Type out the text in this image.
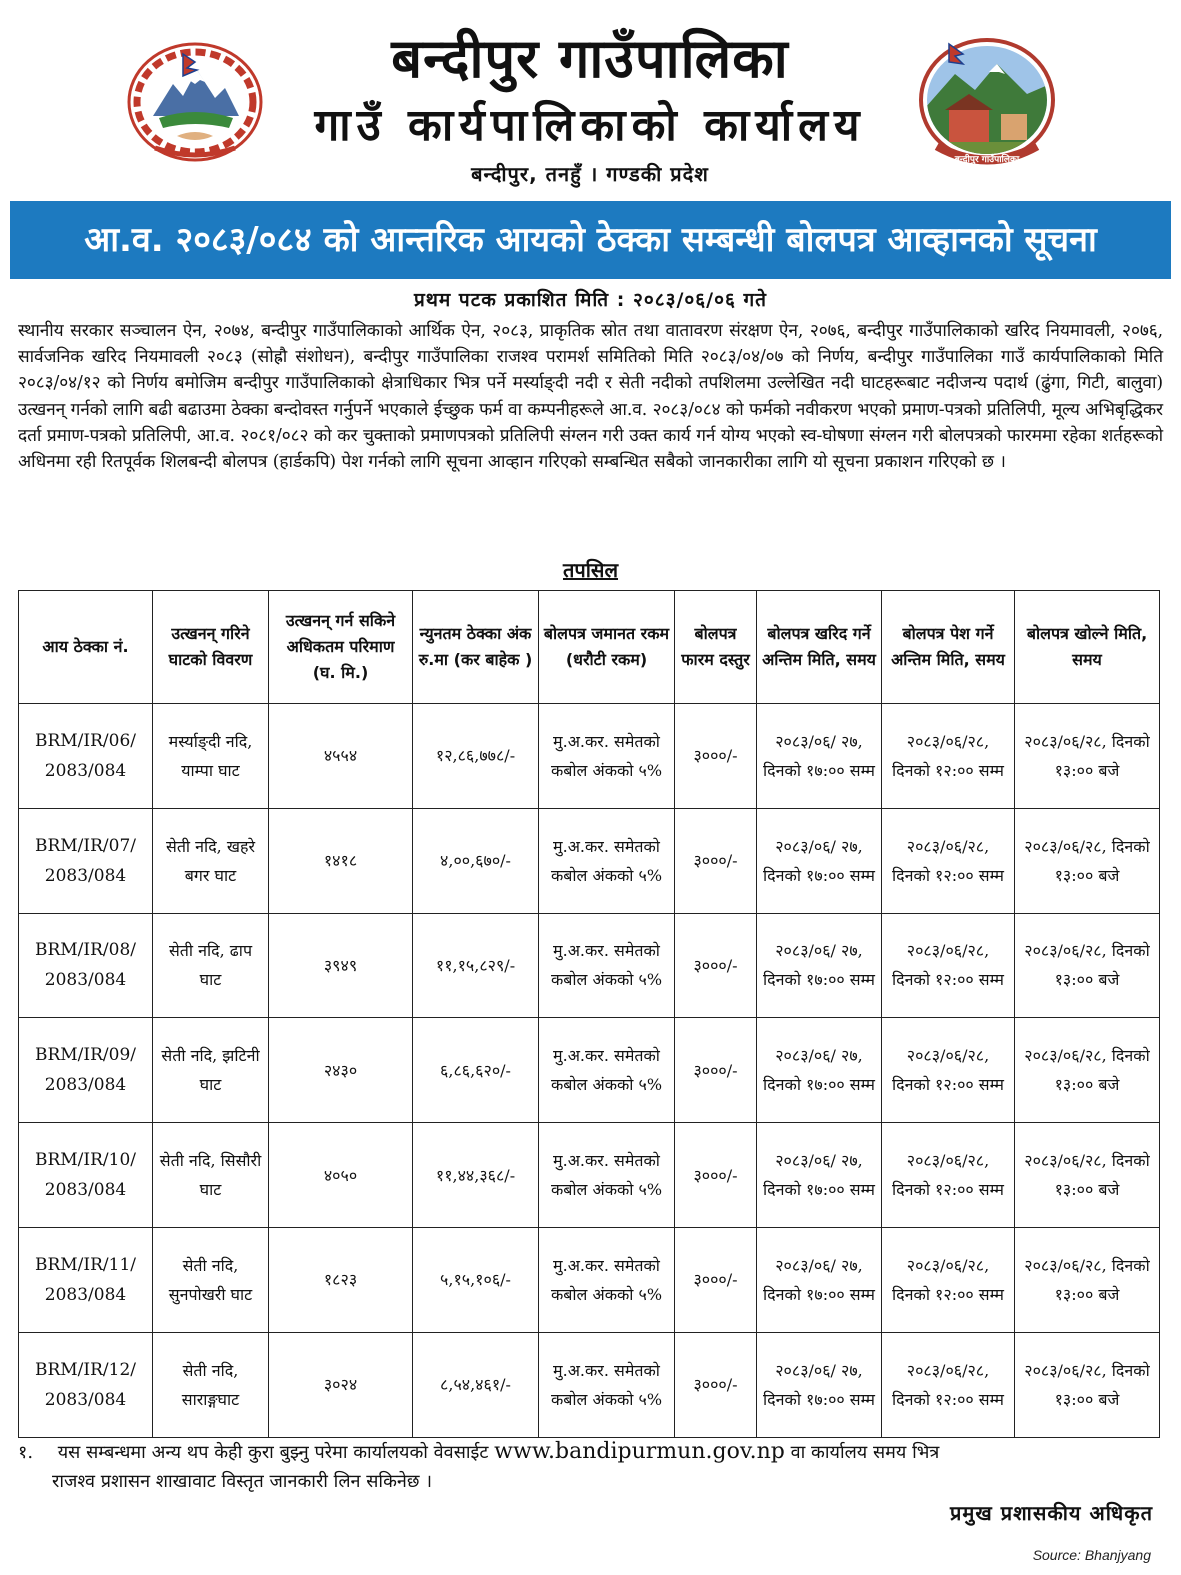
बन्दीपुर गाउँपालिका
गाउँ कार्यपालिकाको कार्यालय
बन्दीपुर, तनहुँ । गण्डकी प्रदेश
बन्दीपुर गाउँपालिका
आ.व. २०८३/०८४ को आन्तरिक आयको ठेक्का सम्बन्धी बोलपत्र आव्हानको सूचना
प्रथम पटक प्रकाशित मिति : २०८३/०६/०६ गते
स्थानीय सरकार सञ्चालन ऐन, २०७४, बन्दीपुर गाउँपालिकाको आर्थिक ऐन, २०८३, प्राकृतिक स्रोत तथा वातावरण संरक्षण ऐन, २०७६, बन्दीपुर गाउँपालिकाको खरिद नियमावली, २०७६, सार्वजनिक खरिद नियमावली २०८३ (सोह्रौ संशोधन), बन्दीपुर गाउँपालिका राजश्व परामर्श समितिको मिति २०८३/०४/०७ को निर्णय, बन्दीपुर गाउँपालिका गाउँ कार्यपालिकाको मिति २०८३/०४/१२ को निर्णय बमोजिम बन्दीपुर गाउँपालिकाको क्षेत्राधिकार भित्र पर्ने मर्स्याङ्दी नदी र सेती नदीको तपशिलमा उल्लेखित नदी घाटहरूबाट नदीजन्य पदार्थ (ढुंगा, गिटी, बालुवा) उत्खनन् गर्नको लागि बढी बढाउमा ठेक्का बन्दोवस्त गर्नुपर्ने भएकाले ईच्छुक फर्म वा कम्पनीहरूले आ.व. २०८३/०८४ को फर्मको नवीकरण भएको प्रमाण-पत्रको प्रतिलिपी, मूल्य अभिबृद्धिकर दर्ता प्रमाण-पत्रको प्रतिलिपी, आ.व. २०८१/०८२ को कर चुक्ताको प्रमाणपत्रको प्रतिलिपी संग्लन गरी उक्त कार्य गर्न योग्य भएको स्व-घोषणा संग्लन गरी बोलपत्रको फारममा रहेका शर्तहरूको अधिनमा रही रितपूर्वक शिलबन्दी बोलपत्र (हार्डकपि) पेश गर्नको लागि सूचना आव्हान गरिएको सम्बन्धित सबैको जानकारीका लागि यो सूचना प्रकाशन गरिएको छ ।
तपसिल
आय ठेक्का नं.	उत्खनन् गरिने घाटको विवरण	उत्खनन् गर्न सकिने अधिकतम परिमाण (घ. मि.)	न्युनतम ठेक्का अंक रु.मा (कर बाहेक )	बोलपत्र जमानत रकम (धरौटी रकम)	बोलपत्र फारम दस्तुर	बोलपत्र खरिद गर्ने अन्तिम मिति, समय	बोलपत्र पेश गर्ने अन्तिम मिति, समय	बोलपत्र खोल्ने मिति, समय
BRM/IR/06/ 2083/084	मर्स्याङ्दी नदि, याम्पा घाट	४५५४	१२,८६,७७८/-	मु.अ.कर. समेतको कबोल अंकको ५%	३०००/-	२०८३/०६/ २७, दिनको १७:०० सम्म	२०८३/०६/२८, दिनको १२:०० सम्म	२०८३/०६/२८, दिनको १३:०० बजे
BRM/IR/07/ 2083/084	सेती नदि, खहरे बगर घाट	१४१८	४,००,६७०/-	मु.अ.कर. समेतको कबोल अंकको ५%	३०००/-	२०८३/०६/ २७, दिनको १७:०० सम्म	२०८३/०६/२८, दिनको १२:०० सम्म	२०८३/०६/२८, दिनको १३:०० बजे
BRM/IR/08/ 2083/084	सेती नदि, ढाप घाट	३९४९	११,१५,८२९/-	मु.अ.कर. समेतको कबोल अंकको ५%	३०००/-	२०८३/०६/ २७, दिनको १७:०० सम्म	२०८३/०६/२८, दिनको १२:०० सम्म	२०८३/०६/२८, दिनको १३:०० बजे
BRM/IR/09/ 2083/084	सेती नदि, झटिनी घाट	२४३०	६,८६,६२०/-	मु.अ.कर. समेतको कबोल अंकको ५%	३०००/-	२०८३/०६/ २७, दिनको १७:०० सम्म	२०८३/०६/२८, दिनको १२:०० सम्म	२०८३/०६/२८, दिनको १३:०० बजे
BRM/IR/10/ 2083/084	सेती नदि, सिसौरी घाट	४०५०	११,४४,३६८/-	मु.अ.कर. समेतको कबोल अंकको ५%	३०००/-	२०८३/०६/ २७, दिनको १७:०० सम्म	२०८३/०६/२८, दिनको १२:०० सम्म	२०८३/०६/२८, दिनको १३:०० बजे
BRM/IR/11/ 2083/084	सेती नदि, सुनपोखरी घाट	१८२३	५,१५,१०६/-	मु.अ.कर. समेतको कबोल अंकको ५%	३०००/-	२०८३/०६/ २७, दिनको १७:०० सम्म	२०८३/०६/२८, दिनको १२:०० सम्म	२०८३/०६/२८, दिनको १३:०० बजे
BRM/IR/12/ 2083/084	सेती नदि, साराङ्गघाट	३०२४	८,५४,४६१/-	मु.अ.कर. समेतको कबोल अंकको ५%	३०००/-	२०८३/०६/ २७, दिनको १७:०० सम्म	२०८३/०६/२८, दिनको १२:०० सम्म	२०८३/०६/२८, दिनको १३:०० बजे
१. यस सम्बन्धमा अन्य थप केही कुरा बुझ्नु परेमा कार्यालयको वेवसाईट www.bandipurmun.gov.np वा कार्यालय समय भित्र
राजश्व प्रशासन शाखावाट विस्तृत जानकारी लिन सकिनेछ ।
प्रमुख प्रशासकीय अधिकृत
Source: Bhanjyang
